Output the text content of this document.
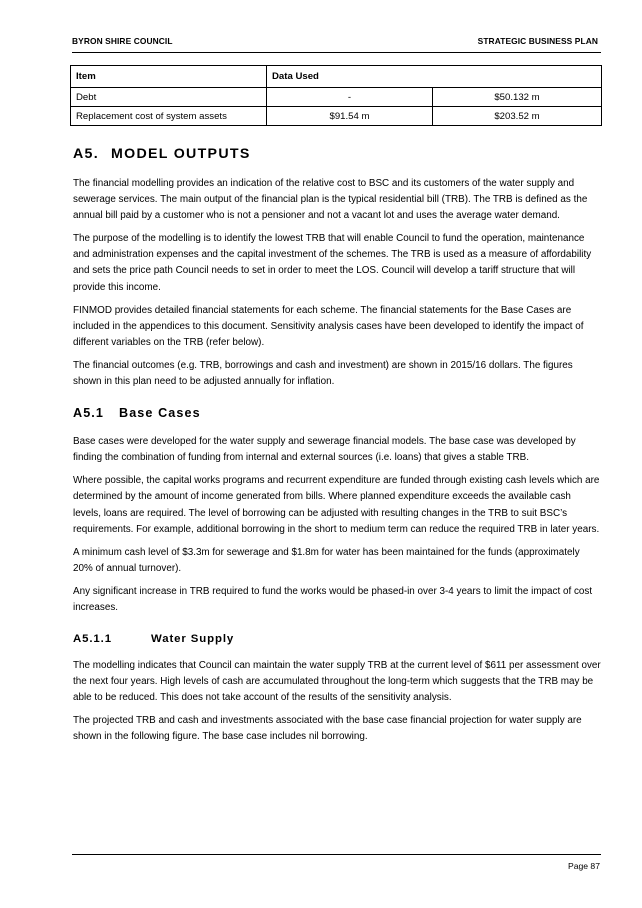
BYRON SHIRE COUNCIL	STRATEGIC BUSINESS PLAN
Item	Data Used	
Debt	-	$50.132 m
Replacement cost of system assets	$91.54 m	$203.52 m
A5. MODEL OUTPUTS

The financial modelling provides an indication of the relative cost to BSC and its customers of the water supply and sewerage services. The main output of the financial plan is the typical residential bill (TRB). The TRB is defined as the annual bill paid by a customer who is not a pensioner and not a vacant lot and uses the average water demand.

The purpose of the modelling is to identify the lowest TRB that will enable Council to fund the operation, maintenance and administration expenses and the capital investment of the schemes. The TRB is used as a measure of affordability and sets the price path Council needs to set in order to meet the LOS. Council will develop a tariff structure that will provide this income.

FINMOD provides detailed financial statements for each scheme. The financial statements for the Base Cases are included in the appendices to this document. Sensitivity analysis cases have been developed to identify the impact of different variables on the TRB (refer below).

The financial outcomes (e.g. TRB, borrowings and cash and investment) are shown in 2015/16 dollars. The figures shown in this plan need to be adjusted annually for inflation.

A5.1 Base Cases

Base cases were developed for the water supply and sewerage financial models. The base case was developed by finding the combination of funding from internal and external sources (i.e. loans) that gives a stable TRB.

Where possible, the capital works programs and recurrent expenditure are funded through existing cash levels which are determined by the amount of income generated from bills. Where planned expenditure exceeds the available cash levels, loans are required. The level of borrowing can be adjusted with resulting changes in the TRB to suit BSC’s requirements. For example, additional borrowing in the short to medium term can reduce the required TRB in later years.

A minimum cash level of $3.3m for sewerage and $1.8m for water has been maintained for the funds (approximately 20% of annual turnover).

Any significant increase in TRB required to fund the works would be phased-in over 3-4 years to limit the impact of cost increases.

A5.1.1	Water Supply

The modelling indicates that Council can maintain the water supply TRB at the current level of $611 per assessment over the next four years. High levels of cash are accumulated throughout the long-term which suggests that the TRB may be able to be reduced. This does not take account of the results of the sensitivity analysis.

The projected TRB and cash and investments associated with the base case financial projection for water supply are shown in the following figure. The base case includes nil borrowing.

Page 87
